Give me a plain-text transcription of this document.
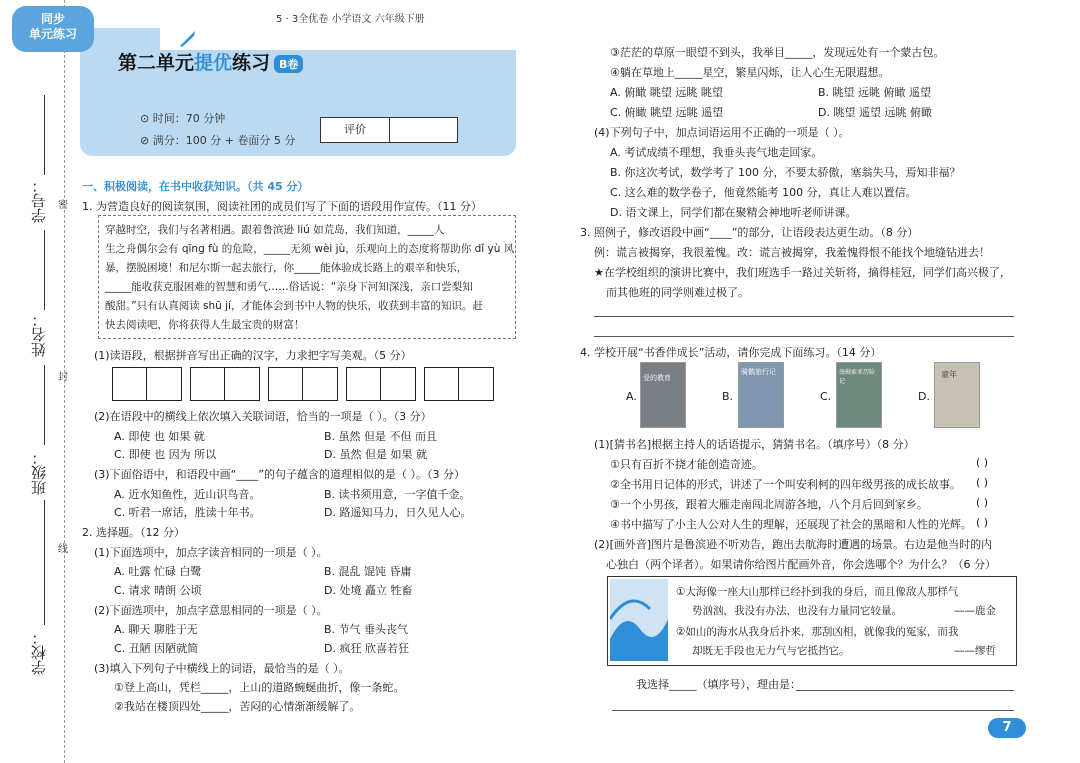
学号：
姓名：
班级：
学校：
密
封
线
同步
单元练习
5 · 3全优卷 小学语文 六年级下册
第二单元提优练习 B卷
⊙ 时间：70 分钟
⊘ 满分：100 分 + 卷面分 5 分
评价
一、积极阅读，在书中收获知识。（共 45 分）
1. 为营造良好的阅读氛围，阅读社团的成员们写了下面的语段用作宣传。（11 分）
穿越时空，我们与名著相遇。跟着鲁滨逊 liú 如荒岛，我们知道，_____人
生之舟偶尔会有 qīng fù 的危险，_____无须 wèi jù，乐观向上的态度将帮助你 dǐ yù 风
暴，摆脱困境！和尼尔斯一起去旅行，你_____能体验成长路上的艰辛和快乐，
_____能收获克服困难的智慧和勇气……俗话说：“亲身下河知深浅，亲口尝梨知
酸甜。”只有认真阅读 shū jí，才能体会到书中人物的快乐，收获到丰富的知识。赶
快去阅读吧，你将获得人生最宝贵的财富！
(1)读语段，根据拼音写出正确的汉字，力求把字写美观。（5 分）
(2)在语段中的横线上依次填入关联词语，恰当的一项是（ ）。（3 分）
A. 即使 也 如果 就	B. 虽然 但是 不但 而且
C. 即使 也 因为 所以	D. 虽然 但是 如果 就
(3)下面俗语中，和语段中画“____”的句子蕴含的道理相似的是（ ）。（3 分）
A. 近水知鱼性，近山识鸟音。	B. 读书须用意，一字值千金。
C. 听君一席话，胜读十年书。	D. 路遥知马力，日久见人心。
2. 选择题。（12 分）
(1)下面选项中，加点字读音相同的一项是（ ）。
A. 吐露 忙碌 白鹭	B. 混乱 馄饨 昏庸
C. 请求 晴朗 公顷	D. 处境 矗立 牲畜
(2)下面选项中，加点字意思相同的一项是（ ）。
A. 聊天 聊胜于无	B. 节气 垂头丧气
C. 丑陋 因陋就简	D. 疯狂 欣喜若狂
(3)填入下列句子中横线上的词语，最恰当的是（ ）。
①登上高山，凭栏_____，上山的道路蜿蜒曲折，像一条蛇。
②我站在楼顶四处_____，苦闷的心情渐渐缓解了。
③茫茫的草原一眼望不到头，我举目_____，发现远处有一个蒙古包。
④躺在草地上_____星空，繁星闪烁，让人心生无限遐想。
A. 俯瞰 眺望 远眺 眺望	B. 眺望 远眺 俯瞰 遥望
C. 俯瞰 眺望 远眺 遥望	D. 眺望 遥望 远眺 俯瞰
(4)下列句子中，加点词语运用不正确的一项是（ ）。
A. 考试成绩不理想，我垂头丧气地走回家。
B. 你这次考试，数学考了 100 分，不要太骄傲，塞翁失马，焉知非福？
C. 这么难的数学卷子，他竟然能考 100 分，真让人难以置信。
D. 语文课上，同学们都在聚精会神地听老师讲课。
3. 照例子，修改语段中画“____”的部分，让语段表达更生动。（8 分）
例：谎言被揭穿，我很羞愧。改：谎言被揭穿，我羞愧得恨不能找个地缝钻进去！
★在学校组织的演讲比赛中，我们班选手一路过关斩将，摘得桂冠，同学们高兴极了，
而其他班的同学则难过极了。
4. 学校开展“书香伴成长”活动，请你完成下面练习。（14 分）
A.
爱的教育
B.
骑鹅旅行记
C.
汤姆索亚历险记
D.
童年
(1)[猜书名]根据主持人的话语提示，猜猜书名。（填序号）（8 分）
①只有百折不挠才能创造奇迹。	( )
②全书用日记体的形式，讲述了一个叫安利柯的四年级男孩的成长故事。 ( )
③一个小男孩，跟着大雁走南闯北周游各地，八个月后回到家乡。	( )
④书中描写了小主人公对人生的理解，还展现了社会的黑暗和人性的光辉。 ( )
(2)[画外音]图片是鲁滨逊不听劝告，跑出去航海时遭遇的场景。右边是他当时的内
心独白（两个译者）。如果请你给图片配画外音，你会选哪个？为什么？（6 分）
①大海像一座大山那样已经扑到我的身后，而且像敌人那样气
势汹汹，我没有办法，也没有力量同它较量。	——鹿金
②如山的海水从我身后扑来，那刮凶相，就像我的冤家，而我
却既无手段也无力气与它抵挡它。	——缪哲
我选择_____（填序号），理由是：
7
